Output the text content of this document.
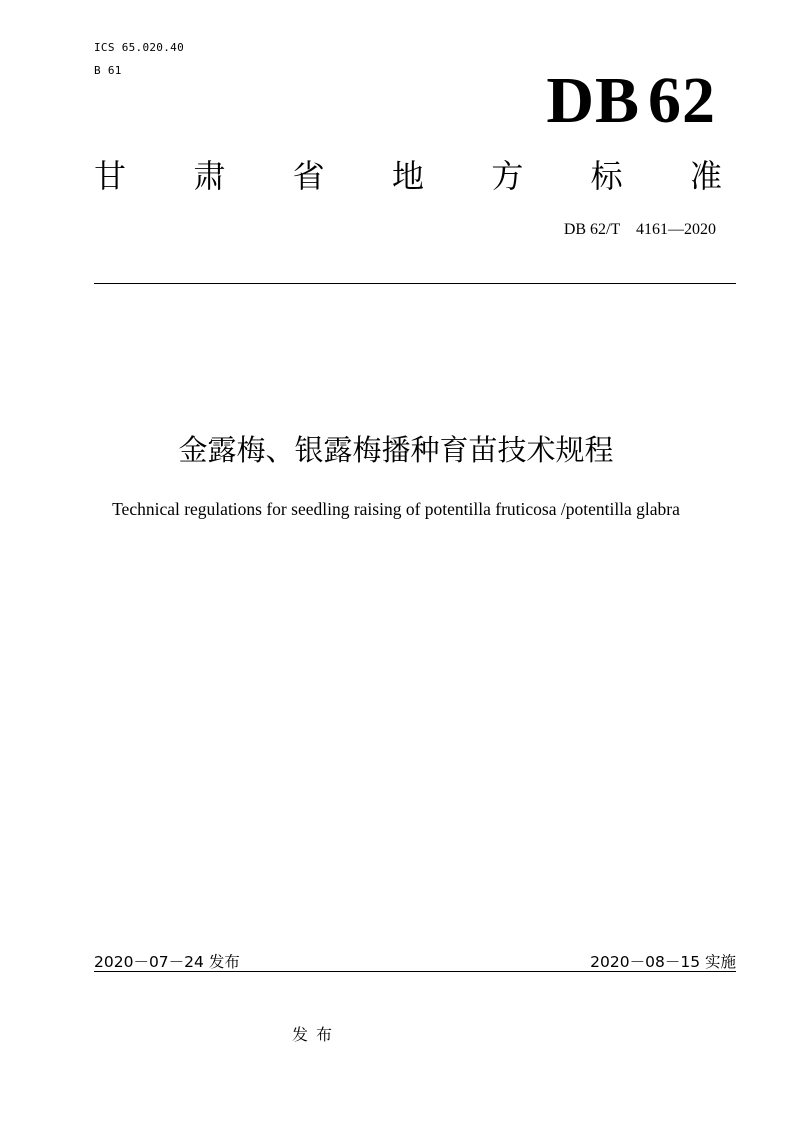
ICS 65.020.40
B 61	DB 62
甘 肃 省 地 方 标 准
DB 62/T　4161—2020
金露梅、银露梅播种育苗技术规程
Technical regulations for seedling raising of potentilla fruticosa /potentilla glabra
2020－07－24 发布	2020－08－15 实施
发布
